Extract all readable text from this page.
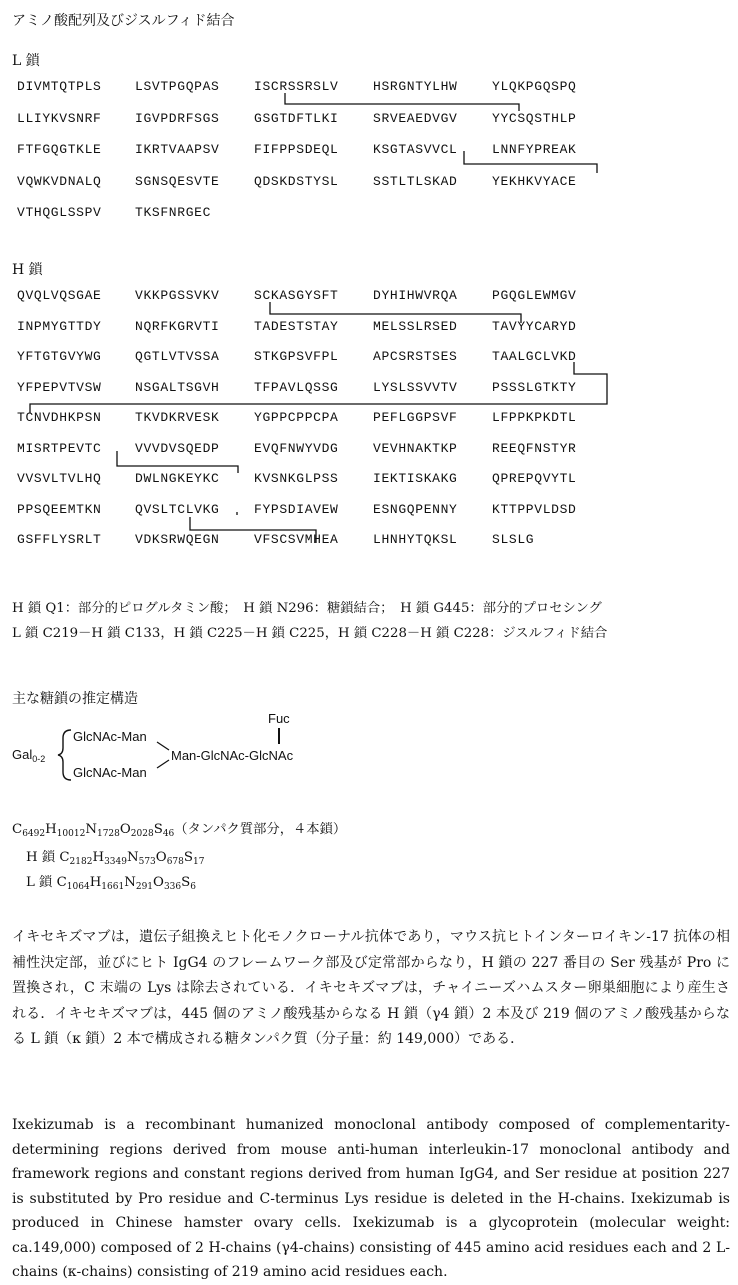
アミノ酸配列及びジスルフィド結合
L 鎖
DIVMTQTPLS	LSVTPGQPAS	ISCRSSRSLV	HSRGNTYLHW	YLQKPGQSPQ
LLIYKVSNRF	IGVPDRFSGS	GSGTDFTLKI	SRVEAEDVGV	YYCSQSTHLP
FTFGQGTKLE	IKRTVAAPSV	FIFPPSDEQL	KSGTASVVCL	LNNFYPREAK
VQWKVDNALQ	SGNSQESVTE	QDSKDSTYSL	SSTLTLSKAD	YEKHKVYACE
VTHQGLSSPV	TKSFNRGEC
H 鎖
QVQLVQSGAE	VKKPGSSVKV	SCKASGYSFT	DYHIHWVRQA	PGQGLEWMGV
INPMYGTTDY	NQRFKGRVTI	TADESTSTAY	MELSSLRSED	TAVYYCARYD
YFTGTGVYWG	QGTLVTVSSA	STKGPSVFPL	APCSRSTSES	TAALGCLVKD
YFPEPVTVSW	NSGALTSGVH	TFPAVLQSSG	LYSLSSVVTV	PSSSLGTKTY
TCNVDHKPSN	TKVDKRVESK	YGPPCPPCPA	PEFLGGPSVF	LFPPKPKDTL
MISRTPEVTC	VVVDVSQEDP	EVQFNWYVDG	VEVHNAKTKP	REEQFNSTYR
VVSVLTVLHQ	DWLNGKEYKC	KVSNKGLPSS	IEKTISKAKG	QPREPQVYTL
PPSQEEMTKN	QVSLTCLVKG	FYPSDIAVEW	ESNGQPENNY	KTTPPVLDSD
GSFFLYSRLT	VDKSRWQEGN	VFSCSVMHEA	LHNHYTQKSL	SLSLG
H 鎖 Q1：部分的ピログルタミン酸；　H 鎖 N296：糖鎖結合；　H 鎖 G445：部分的プロセシング
L 鎖 C219－H 鎖 C133，H 鎖 C225－H 鎖 C225，H 鎖 C228－H 鎖 C228：ジスルフィド結合
主な糖鎖の推定構造
Gal$_{0-2}$
GlcNAc-Man
GlcNAc-Man
Man-GlcNAc-GlcNAc
Fuc
$C_{6492}H_{10012}N_{1728}O_{2028}S_{46}$（タンパク質部分，４本鎖）
H 鎖 $C_{2182}H_{3349}N_{573}O_{678}S_{17}$
L 鎖 $C_{1064}H_{1661}N_{291}O_{336}S_6$
イキセキズマブは，遺伝子組換えヒト化モノクローナル抗体であり，マウス抗ヒトインターロイキン-17 抗体の相補性決定部，並びにヒト IgG4 のフレームワーク部及び定常部からなり，H 鎖の 227 番目の Ser 残基が Pro に置換され，C 末端の Lys は除去されている．イキセキズマブは，チャイニーズハムスター卵巣細胞により産生される．イキセキズマブは，445 個のアミノ酸残基からなる H 鎖（γ4 鎖）2 本及び 219 個のアミノ酸残基からなる L 鎖（κ 鎖）2 本で構成される糖タンパク質（分子量：約 149,000）である．
Ixekizumab is a recombinant humanized monoclonal antibody composed of complementarity-determining regions derived from mouse anti-human interleukin-17 monoclonal antibody and framework regions and constant regions derived from human IgG4, and Ser residue at position 227 is substituted by Pro residue and C-terminus Lys residue is deleted in the H-chains. Ixekizumab is produced in Chinese hamster ovary cells. Ixekizumab is a glycoprotein (molecular weight: ca.149,000) composed of 2 H-chains (γ4-chains) consisting of 445 amino acid residues each and 2 L-chains (κ-chains) consisting of 219 amino acid residues each.
